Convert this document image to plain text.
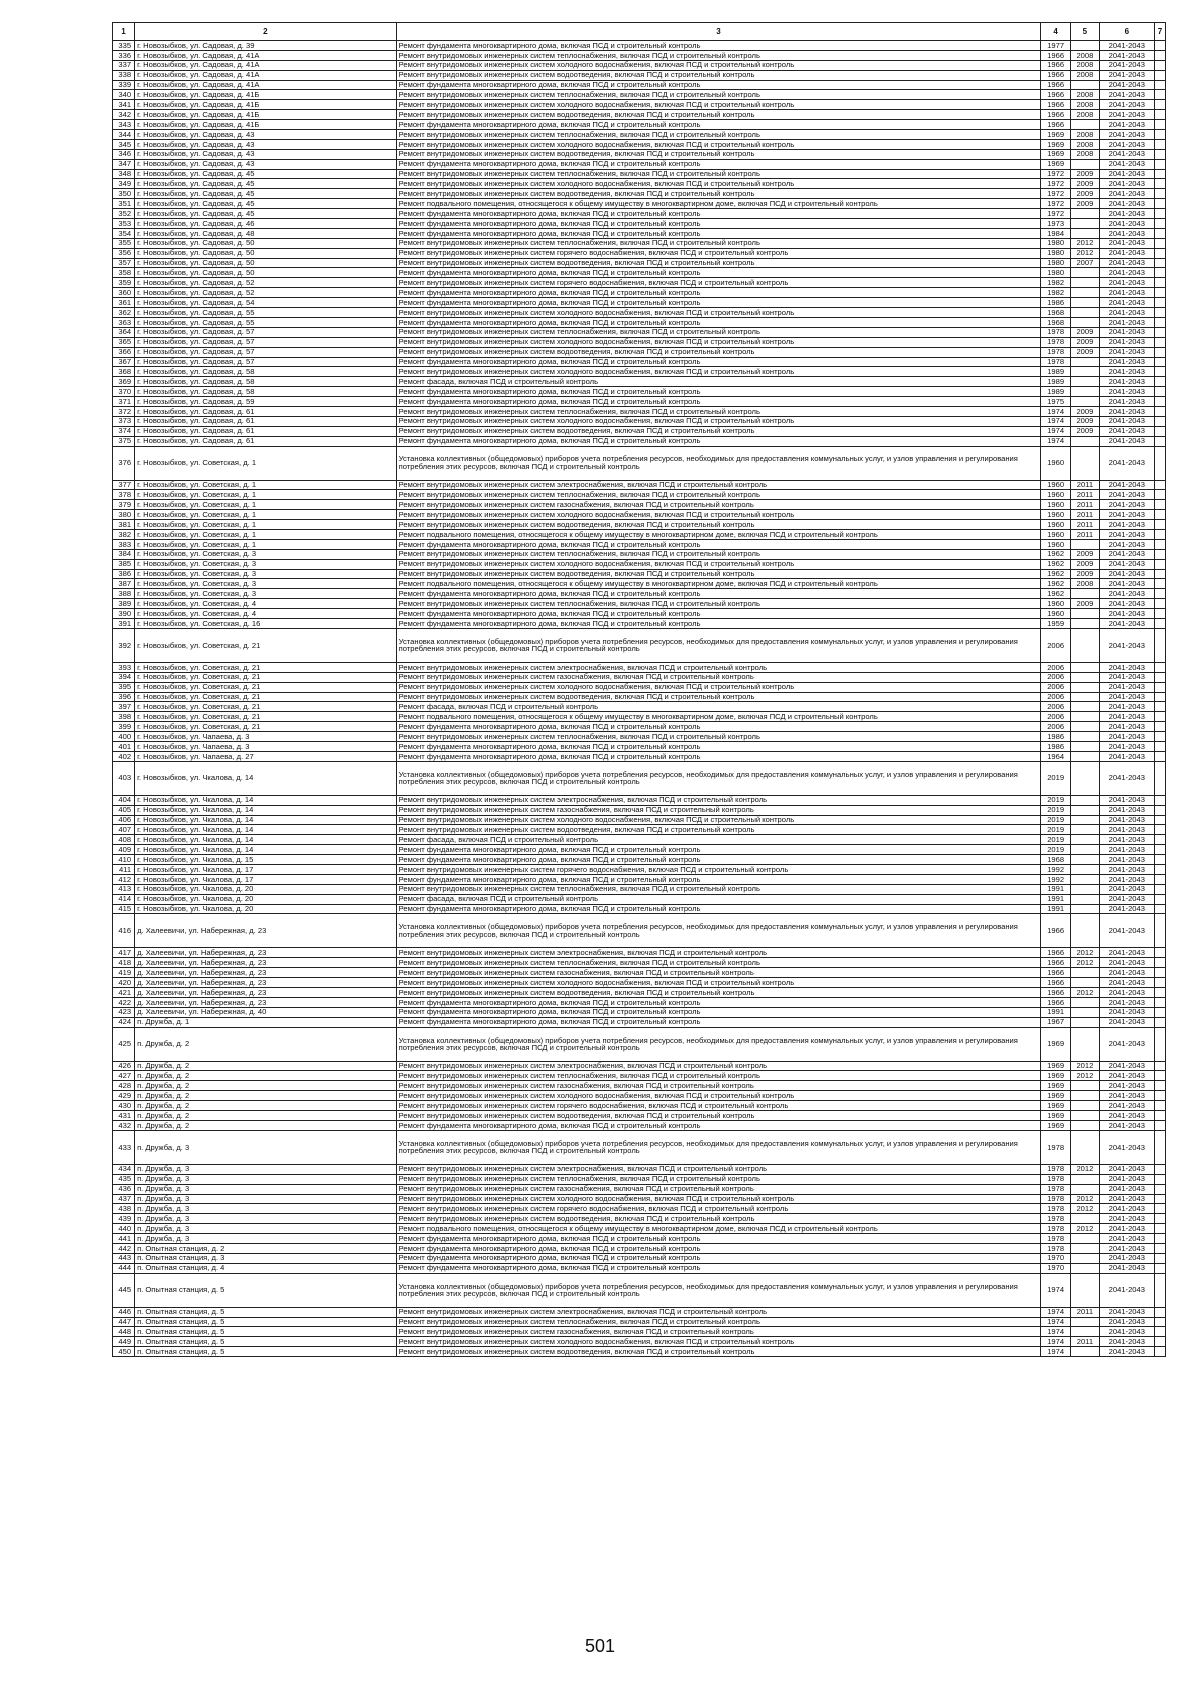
1	2	3	4	5	6	7
335	г. Новозыбков, ул. Садовая, д. 39	Ремонт фундамента многоквартирного дома, включая ПСД и строительный контроль	1977		2041-2043	
336	г. Новозыбков, ул. Садовая, д. 41А	Ремонт внутридомовых инженерных систем теплоснабжения, включая ПСД и строительный контроль	1966	2008	2041-2043	
337	г. Новозыбков, ул. Садовая, д. 41А	Ремонт внутридомовых инженерных систем холодного водоснабжения, включая ПСД и строительный контроль	1966	2008	2041-2043	
338	г. Новозыбков, ул. Садовая, д. 41А	Ремонт внутридомовых инженерных систем водоотведения, включая ПСД и строительный контроль	1966	2008	2041-2043	
339	г. Новозыбков, ул. Садовая, д. 41А	Ремонт фундамента многоквартирного дома, включая ПСД и строительный контроль	1966		2041-2043	
340	г. Новозыбков, ул. Садовая, д. 41Б	Ремонт внутридомовых инженерных систем теплоснабжения, включая ПСД и строительный контроль	1966	2008	2041-2043	
341	г. Новозыбков, ул. Садовая, д. 41Б	Ремонт внутридомовых инженерных систем холодного водоснабжения, включая ПСД и строительный контроль	1966	2008	2041-2043	
342	г. Новозыбков, ул. Садовая, д. 41Б	Ремонт внутридомовых инженерных систем водоотведения, включая ПСД и строительный контроль	1966	2008	2041-2043	
343	г. Новозыбков, ул. Садовая, д. 41Б	Ремонт фундамента многоквартирного дома, включая ПСД и строительный контроль	1966		2041-2043	
344	г. Новозыбков, ул. Садовая, д. 43	Ремонт внутридомовых инженерных систем теплоснабжения, включая ПСД и строительный контроль	1969	2008	2041-2043	
345	г. Новозыбков, ул. Садовая, д. 43	Ремонт внутридомовых инженерных систем холодного водоснабжения, включая ПСД и строительный контроль	1969	2008	2041-2043	
346	г. Новозыбков, ул. Садовая, д. 43	Ремонт внутридомовых инженерных систем водоотведения, включая ПСД и строительный контроль	1969	2008	2041-2043	
347	г. Новозыбков, ул. Садовая, д. 43	Ремонт фундамента многоквартирного дома, включая ПСД и строительный контроль	1969		2041-2043	
348	г. Новозыбков, ул. Садовая, д. 45	Ремонт внутридомовых инженерных систем теплоснабжения, включая ПСД и строительный контроль	1972	2009	2041-2043	
349	г. Новозыбков, ул. Садовая, д. 45	Ремонт внутридомовых инженерных систем холодного водоснабжения, включая ПСД и строительный контроль	1972	2009	2041-2043	
350	г. Новозыбков, ул. Садовая, д. 45	Ремонт внутридомовых инженерных систем водоотведения, включая ПСД и строительный контроль	1972	2009	2041-2043	
351	г. Новозыбков, ул. Садовая, д. 45	Ремонт подвального помещения, относящегося к общему имуществу в многоквартирном доме, включая ПСД и строительный контроль	1972	2009	2041-2043	
352	г. Новозыбков, ул. Садовая, д. 45	Ремонт фундамента многоквартирного дома, включая ПСД и строительный контроль	1972		2041-2043	
353	г. Новозыбков, ул. Садовая, д. 46	Ремонт фундамента многоквартирного дома, включая ПСД и строительный контроль	1973		2041-2043	
354	г. Новозыбков, ул. Садовая, д. 48	Ремонт фундамента многоквартирного дома, включая ПСД и строительный контроль	1984		2041-2043	
355	г. Новозыбков, ул. Садовая, д. 50	Ремонт внутридомовых инженерных систем теплоснабжения, включая ПСД и строительный контроль	1980	2012	2041-2043	
356	г. Новозыбков, ул. Садовая, д. 50	Ремонт внутридомовых инженерных систем горячего водоснабжения, включая ПСД и строительный контроль	1980	2012	2041-2043	
357	г. Новозыбков, ул. Садовая, д. 50	Ремонт внутридомовых инженерных систем водоотведения, включая ПСД и строительный контроль	1980	2007	2041-2043	
358	г. Новозыбков, ул. Садовая, д. 50	Ремонт фундамента многоквартирного дома, включая ПСД и строительный контроль	1980		2041-2043	
359	г. Новозыбков, ул. Садовая, д. 52	Ремонт внутридомовых инженерных систем горячего водоснабжения, включая ПСД и строительный контроль	1982		2041-2043	
360	г. Новозыбков, ул. Садовая, д. 52	Ремонт фундамента многоквартирного дома, включая ПСД и строительный контроль	1982		2041-2043	
361	г. Новозыбков, ул. Садовая, д. 54	Ремонт фундамента многоквартирного дома, включая ПСД и строительный контроль	1986		2041-2043	
362	г. Новозыбков, ул. Садовая, д. 55	Ремонт внутридомовых инженерных систем холодного водоснабжения, включая ПСД и строительный контроль	1968		2041-2043	
363	г. Новозыбков, ул. Садовая, д. 55	Ремонт фундамента многоквартирного дома, включая ПСД и строительный контроль	1968		2041-2043	
364	г. Новозыбков, ул. Садовая, д. 57	Ремонт внутридомовых инженерных систем теплоснабжения, включая ПСД и строительный контроль	1978	2009	2041-2043	
365	г. Новозыбков, ул. Садовая, д. 57	Ремонт внутридомовых инженерных систем холодного водоснабжения, включая ПСД и строительный контроль	1978	2009	2041-2043	
366	г. Новозыбков, ул. Садовая, д. 57	Ремонт внутридомовых инженерных систем водоотведения, включая ПСД и строительный контроль	1978	2009	2041-2043	
367	г. Новозыбков, ул. Садовая, д. 57	Ремонт фундамента многоквартирного дома, включая ПСД и строительный контроль	1978		2041-2043	
368	г. Новозыбков, ул. Садовая, д. 58	Ремонт внутридомовых инженерных систем холодного водоснабжения, включая ПСД и строительный контроль	1989		2041-2043	
369	г. Новозыбков, ул. Садовая, д. 58	Ремонт фасада, включая ПСД и строительный контроль	1989		2041-2043	
370	г. Новозыбков, ул. Садовая, д. 58	Ремонт фундамента многоквартирного дома, включая ПСД и строительный контроль	1989		2041-2043	
371	г. Новозыбков, ул. Садовая, д. 59	Ремонт фундамента многоквартирного дома, включая ПСД и строительный контроль	1975		2041-2043	
372	г. Новозыбков, ул. Садовая, д. 61	Ремонт внутридомовых инженерных систем теплоснабжения, включая ПСД и строительный контроль	1974	2009	2041-2043	
373	г. Новозыбков, ул. Садовая, д. 61	Ремонт внутридомовых инженерных систем холодного водоснабжения, включая ПСД и строительный контроль	1974	2009	2041-2043	
374	г. Новозыбков, ул. Садовая, д. 61	Ремонт внутридомовых инженерных систем водоотведения, включая ПСД и строительный контроль	1974	2009	2041-2043	
375	г. Новозыбков, ул. Садовая, д. 61	Ремонт фундамента многоквартирного дома, включая ПСД и строительный контроль	1974		2041-2043	
376	г. Новозыбков, ул. Советская, д. 1	Установка коллективных (общедомовых) приборов учета потребления ресурсов, необходимых для предоставления коммунальных услуг, и узлов управления и регулирования потребления этих ресурсов, включая ПСД и строительный контроль	1960		2041-2043	
377	г. Новозыбков, ул. Советская, д. 1	Ремонт внутридомовых инженерных систем электроснабжения, включая ПСД и строительный контроль	1960	2011	2041-2043	
378	г. Новозыбков, ул. Советская, д. 1	Ремонт внутридомовых инженерных систем теплоснабжения, включая ПСД и строительный контроль	1960	2011	2041-2043	
379	г. Новозыбков, ул. Советская, д. 1	Ремонт внутридомовых инженерных систем газоснабжения, включая ПСД и строительный контроль	1960	2011	2041-2043	
380	г. Новозыбков, ул. Советская, д. 1	Ремонт внутридомовых инженерных систем холодного водоснабжения, включая ПСД и строительный контроль	1960	2011	2041-2043	
381	г. Новозыбков, ул. Советская, д. 1	Ремонт внутридомовых инженерных систем водоотведения, включая ПСД и строительный контроль	1960	2011	2041-2043	
382	г. Новозыбков, ул. Советская, д. 1	Ремонт подвального помещения, относящегося к общему имуществу в многоквартирном доме, включая ПСД и строительный контроль	1960	2011	2041-2043	
383	г. Новозыбков, ул. Советская, д. 1	Ремонт фундамента многоквартирного дома, включая ПСД и строительный контроль	1960		2041-2043	
384	г. Новозыбков, ул. Советская, д. 3	Ремонт внутридомовых инженерных систем теплоснабжения, включая ПСД и строительный контроль	1962	2009	2041-2043	
385	г. Новозыбков, ул. Советская, д. 3	Ремонт внутридомовых инженерных систем холодного водоснабжения, включая ПСД и строительный контроль	1962	2009	2041-2043	
386	г. Новозыбков, ул. Советская, д. 3	Ремонт внутридомовых инженерных систем водоотведения, включая ПСД и строительный контроль	1962	2009	2041-2043	
387	г. Новозыбков, ул. Советская, д. 3	Ремонт подвального помещения, относящегося к общему имуществу в многоквартирном доме, включая ПСД и строительный контроль	1962	2008	2041-2043	
388	г. Новозыбков, ул. Советская, д. 3	Ремонт фундамента многоквартирного дома, включая ПСД и строительный контроль	1962		2041-2043	
389	г. Новозыбков, ул. Советская, д. 4	Ремонт внутридомовых инженерных систем теплоснабжения, включая ПСД и строительный контроль	1960	2009	2041-2043	
390	г. Новозыбков, ул. Советская, д. 4	Ремонт фундамента многоквартирного дома, включая ПСД и строительный контроль	1960		2041-2043	
391	г. Новозыбков, ул. Советская, д. 16	Ремонт фундамента многоквартирного дома, включая ПСД и строительный контроль	1959		2041-2043	
392	г. Новозыбков, ул. Советская, д. 21	Установка коллективных (общедомовых) приборов учета потребления ресурсов, необходимых для предоставления коммунальных услуг, и узлов управления и регулирования потребления этих ресурсов, включая ПСД и строительный контроль	2006		2041-2043	
393	г. Новозыбков, ул. Советская, д. 21	Ремонт внутридомовых инженерных систем электроснабжения, включая ПСД и строительный контроль	2006		2041-2043	
394	г. Новозыбков, ул. Советская, д. 21	Ремонт внутридомовых инженерных систем газоснабжения, включая ПСД и строительный контроль	2006		2041-2043	
395	г. Новозыбков, ул. Советская, д. 21	Ремонт внутридомовых инженерных систем холодного водоснабжения, включая ПСД и строительный контроль	2006		2041-2043	
396	г. Новозыбков, ул. Советская, д. 21	Ремонт внутридомовых инженерных систем водоотведения, включая ПСД и строительный контроль	2006		2041-2043	
397	г. Новозыбков, ул. Советская, д. 21	Ремонт фасада, включая ПСД и строительный контроль	2006		2041-2043	
398	г. Новозыбков, ул. Советская, д. 21	Ремонт подвального помещения, относящегося к общему имуществу в многоквартирном доме, включая ПСД и строительный контроль	2006		2041-2043	
399	г. Новозыбков, ул. Советская, д. 21	Ремонт фундамента многоквартирного дома, включая ПСД и строительный контроль	2006		2041-2043	
400	г. Новозыбков, ул. Чапаева, д. 3	Ремонт внутридомовых инженерных систем теплоснабжения, включая ПСД и строительный контроль	1986		2041-2043	
401	г. Новозыбков, ул. Чапаева, д. 3	Ремонт фундамента многоквартирного дома, включая ПСД и строительный контроль	1986		2041-2043	
402	г. Новозыбков, ул. Чапаева, д. 27	Ремонт фундамента многоквартирного дома, включая ПСД и строительный контроль	1964		2041-2043	
403	г. Новозыбков, ул. Чкалова, д. 14	Установка коллективных (общедомовых) приборов учета потребления ресурсов, необходимых для предоставления коммунальных услуг, и узлов управления и регулирования потребления этих ресурсов, включая ПСД и строительный контроль	2019		2041-2043	
404	г. Новозыбков, ул. Чкалова, д. 14	Ремонт внутридомовых инженерных систем электроснабжения, включая ПСД и строительный контроль	2019		2041-2043	
405	г. Новозыбков, ул. Чкалова, д. 14	Ремонт внутридомовых инженерных систем газоснабжения, включая ПСД и строительный контроль	2019		2041-2043	
406	г. Новозыбков, ул. Чкалова, д. 14	Ремонт внутридомовых инженерных систем холодного водоснабжения, включая ПСД и строительный контроль	2019		2041-2043	
407	г. Новозыбков, ул. Чкалова, д. 14	Ремонт внутридомовых инженерных систем водоотведения, включая ПСД и строительный контроль	2019		2041-2043	
408	г. Новозыбков, ул. Чкалова, д. 14	Ремонт фасада, включая ПСД и строительный контроль	2019		2041-2043	
409	г. Новозыбков, ул. Чкалова, д. 14	Ремонт фундамента многоквартирного дома, включая ПСД и строительный контроль	2019		2041-2043	
410	г. Новозыбков, ул. Чкалова, д. 15	Ремонт фундамента многоквартирного дома, включая ПСД и строительный контроль	1968		2041-2043	
411	г. Новозыбков, ул. Чкалова, д. 17	Ремонт внутридомовых инженерных систем горячего водоснабжения, включая ПСД и строительный контроль	1992		2041-2043	
412	г. Новозыбков, ул. Чкалова, д. 17	Ремонт фундамента многоквартирного дома, включая ПСД и строительный контроль	1992		2041-2043	
413	г. Новозыбков, ул. Чкалова, д. 20	Ремонт внутридомовых инженерных систем теплоснабжения, включая ПСД и строительный контроль	1991		2041-2043	
414	г. Новозыбков, ул. Чкалова, д. 20	Ремонт фасада, включая ПСД и строительный контроль	1991		2041-2043	
415	г. Новозыбков, ул. Чкалова, д. 20	Ремонт фундамента многоквартирного дома, включая ПСД и строительный контроль	1991		2041-2043	
416	д. Халеевичи, ул. Набережная, д. 23	Установка коллективных (общедомовых) приборов учета потребления ресурсов, необходимых для предоставления коммунальных услуг, и узлов управления и регулирования потребления этих ресурсов, включая ПСД и строительный контроль	1966		2041-2043	
417	д. Халеевичи, ул. Набережная, д. 23	Ремонт внутридомовых инженерных систем электроснабжения, включая ПСД и строительный контроль	1966	2012	2041-2043	
418	д. Халеевичи, ул. Набережная, д. 23	Ремонт внутридомовых инженерных систем теплоснабжения, включая ПСД и строительный контроль	1966	2012	2041-2043	
419	д. Халеевичи, ул. Набережная, д. 23	Ремонт внутридомовых инженерных систем газоснабжения, включая ПСД и строительный контроль	1966		2041-2043	
420	д. Халеевичи, ул. Набережная, д. 23	Ремонт внутридомовых инженерных систем холодного водоснабжения, включая ПСД и строительный контроль	1966		2041-2043	
421	д. Халеевичи, ул. Набережная, д. 23	Ремонт внутридомовых инженерных систем водоотведения, включая ПСД и строительный контроль	1966	2012	2041-2043	
422	д. Халеевичи, ул. Набережная, д. 23	Ремонт фундамента многоквартирного дома, включая ПСД и строительный контроль	1966		2041-2043	
423	д. Халеевичи, ул. Набережная, д. 40	Ремонт фундамента многоквартирного дома, включая ПСД и строительный контроль	1991		2041-2043	
424	п. Дружба, д. 1	Ремонт фундамента многоквартирного дома, включая ПСД и строительный контроль	1967		2041-2043	
425	п. Дружба, д. 2	Установка коллективных (общедомовых) приборов учета потребления ресурсов, необходимых для предоставления коммунальных услуг, и узлов управления и регулирования потребления этих ресурсов, включая ПСД и строительный контроль	1969		2041-2043	
426	п. Дружба, д. 2	Ремонт внутридомовых инженерных систем электроснабжения, включая ПСД и строительный контроль	1969	2012	2041-2043	
427	п. Дружба, д. 2	Ремонт внутридомовых инженерных систем теплоснабжения, включая ПСД и строительный контроль	1969	2012	2041-2043	
428	п. Дружба, д. 2	Ремонт внутридомовых инженерных систем газоснабжения, включая ПСД и строительный контроль	1969		2041-2043	
429	п. Дружба, д. 2	Ремонт внутридомовых инженерных систем холодного водоснабжения, включая ПСД и строительный контроль	1969		2041-2043	
430	п. Дружба, д. 2	Ремонт внутридомовых инженерных систем горячего водоснабжения, включая ПСД и строительный контроль	1969		2041-2043	
431	п. Дружба, д. 2	Ремонт внутридомовых инженерных систем водоотведения, включая ПСД и строительный контроль	1969		2041-2043	
432	п. Дружба, д. 2	Ремонт фундамента многоквартирного дома, включая ПСД и строительный контроль	1969		2041-2043	
433	п. Дружба, д. 3	Установка коллективных (общедомовых) приборов учета потребления ресурсов, необходимых для предоставления коммунальных услуг, и узлов управления и регулирования потребления этих ресурсов, включая ПСД и строительный контроль	1978		2041-2043	
434	п. Дружба, д. 3	Ремонт внутридомовых инженерных систем электроснабжения, включая ПСД и строительный контроль	1978	2012	2041-2043	
435	п. Дружба, д. 3	Ремонт внутридомовых инженерных систем теплоснабжения, включая ПСД и строительный контроль	1978		2041-2043	
436	п. Дружба, д. 3	Ремонт внутридомовых инженерных систем газоснабжения, включая ПСД и строительный контроль	1978		2041-2043	
437	п. Дружба, д. 3	Ремонт внутридомовых инженерных систем холодного водоснабжения, включая ПСД и строительный контроль	1978	2012	2041-2043	
438	п. Дружба, д. 3	Ремонт внутридомовых инженерных систем горячего водоснабжения, включая ПСД и строительный контроль	1978	2012	2041-2043	
439	п. Дружба, д. 3	Ремонт внутридомовых инженерных систем водоотведения, включая ПСД и строительный контроль	1978		2041-2043	
440	п. Дружба, д. 3	Ремонт подвального помещения, относящегося к общему имуществу в многоквартирном доме, включая ПСД и строительный контроль	1978	2012	2041-2043	
441	п. Дружба, д. 3	Ремонт фундамента многоквартирного дома, включая ПСД и строительный контроль	1978		2041-2043	
442	п. Опытная станция, д. 2	Ремонт фундамента многоквартирного дома, включая ПСД и строительный контроль	1978		2041-2043	
443	п. Опытная станция, д. 3	Ремонт фундамента многоквартирного дома, включая ПСД и строительный контроль	1970		2041-2043	
444	п. Опытная станция, д. 4	Ремонт фундамента многоквартирного дома, включая ПСД и строительный контроль	1970		2041-2043	
445	п. Опытная станция, д. 5	Установка коллективных (общедомовых) приборов учета потребления ресурсов, необходимых для предоставления коммунальных услуг, и узлов управления и регулирования потребления этих ресурсов, включая ПСД и строительный контроль	1974		2041-2043	
446	п. Опытная станция, д. 5	Ремонт внутридомовых инженерных систем электроснабжения, включая ПСД и строительный контроль	1974	2011	2041-2043	
447	п. Опытная станция, д. 5	Ремонт внутридомовых инженерных систем теплоснабжения, включая ПСД и строительный контроль	1974		2041-2043	
448	п. Опытная станция, д. 5	Ремонт внутридомовых инженерных систем газоснабжения, включая ПСД и строительный контроль	1974		2041-2043	
449	п. Опытная станция, д. 5	Ремонт внутридомовых инженерных систем холодного водоснабжения, включая ПСД и строительный контроль	1974	2011	2041-2043	
450	п. Опытная станция, д. 5	Ремонт внутридомовых инженерных систем водоотведения, включая ПСД и строительный контроль	1974		2041-2043	
501
